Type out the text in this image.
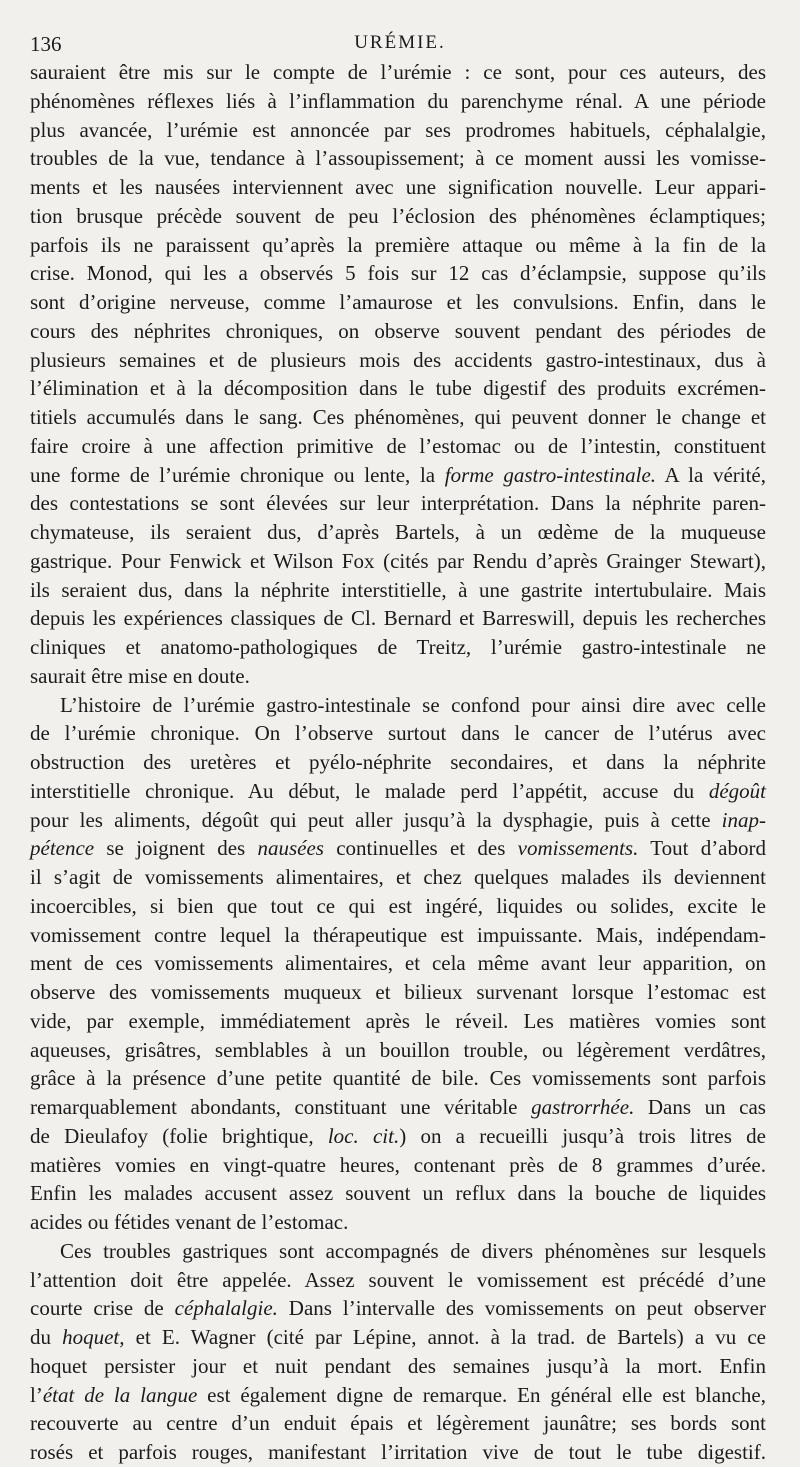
136	URÉMIE.
sauraient être mis sur le compte de l’urémie : ce sont, pour ces auteurs, des
phénomènes réflexes liés à l’inflammation du parenchyme rénal. A une période
plus avancée, l’urémie est annoncée par ses prodromes habituels, céphalalgie,
troubles de la vue, tendance à l’assoupissement; à ce moment aussi les vomisse-
ments et les nausées interviennent avec une signification nouvelle. Leur appari-
tion brusque précède souvent de peu l’éclosion des phénomènes éclamptiques;
parfois ils ne paraissent qu’après la première attaque ou même à la fin de la
crise. Monod, qui les a observés 5 fois sur 12 cas d’éclampsie, suppose qu’ils
sont d’origine nerveuse, comme l’amaurose et les convulsions. Enfin, dans le
cours des néphrites chroniques, on observe souvent pendant des périodes de
plusieurs semaines et de plusieurs mois des accidents gastro-intestinaux, dus à
l’élimination et à la décomposition dans le tube digestif des produits excrémen-
titiels accumulés dans le sang. Ces phénomènes, qui peuvent donner le change et
faire croire à une affection primitive de l’estomac ou de l’intestin, constituent
une forme de l’urémie chronique ou lente, la forme gastro-intestinale. A la vérité,
des contestations se sont élevées sur leur interprétation. Dans la néphrite paren-
chymateuse, ils seraient dus, d’après Bartels, à un œdème de la muqueuse
gastrique. Pour Fenwick et Wilson Fox (cités par Rendu d’après Grainger Stewart),
ils seraient dus, dans la néphrite interstitielle, à une gastrite intertubulaire. Mais
depuis les expériences classiques de Cl. Bernard et Barreswill, depuis les recherches
cliniques et anatomo-pathologiques de Treitz, l’urémie gastro-intestinale ne
saurait être mise en doute.
L’histoire de l’urémie gastro-intestinale se confond pour ainsi dire avec celle
de l’urémie chronique. On l’observe surtout dans le cancer de l’utérus avec
obstruction des uretères et pyélo-néphrite secondaires, et dans la néphrite
interstitielle chronique. Au début, le malade perd l’appétit, accuse du dégoût
pour les aliments, dégoût qui peut aller jusqu’à la dysphagie, puis à cette inap-
pétence se joignent des nausées continuelles et des vomissements. Tout d’abord
il s’agit de vomissements alimentaires, et chez quelques malades ils deviennent
incoercibles, si bien que tout ce qui est ingéré, liquides ou solides, excite le
vomissement contre lequel la thérapeutique est impuissante. Mais, indépendam-
ment de ces vomissements alimentaires, et cela même avant leur apparition, on
observe des vomissements muqueux et bilieux survenant lorsque l’estomac est
vide, par exemple, immédiatement après le réveil. Les matières vomies sont
aqueuses, grisâtres, semblables à un bouillon trouble, ou légèrement verdâtres,
grâce à la présence d’une petite quantité de bile. Ces vomissements sont parfois
remarquablement abondants, constituant une véritable gastrorrhée. Dans un cas
de Dieulafoy (folie brightique, loc. cit.) on a recueilli jusqu’à trois litres de
matières vomies en vingt-quatre heures, contenant près de 8 grammes d’urée.
Enfin les malades accusent assez souvent un reflux dans la bouche de liquides
acides ou fétides venant de l’estomac.
Ces troubles gastriques sont accompagnés de divers phénomènes sur lesquels
l’attention doit être appelée. Assez souvent le vomissement est précédé d’une
courte crise de céphalalgie. Dans l’intervalle des vomissements on peut observer
du hoquet, et E. Wagner (cité par Lépine, annot. à la trad. de Bartels) a vu ce
hoquet persister jour et nuit pendant des semaines jusqu’à la mort. Enfin
l’état de la langue est également digne de remarque. En général elle est blanche,
recouverte au centre d’un enduit épais et légèrement jaunâtre; ses bords sont
rosés et parfois rouges, manifestant l’irritation vive de tout le tube digestif.
